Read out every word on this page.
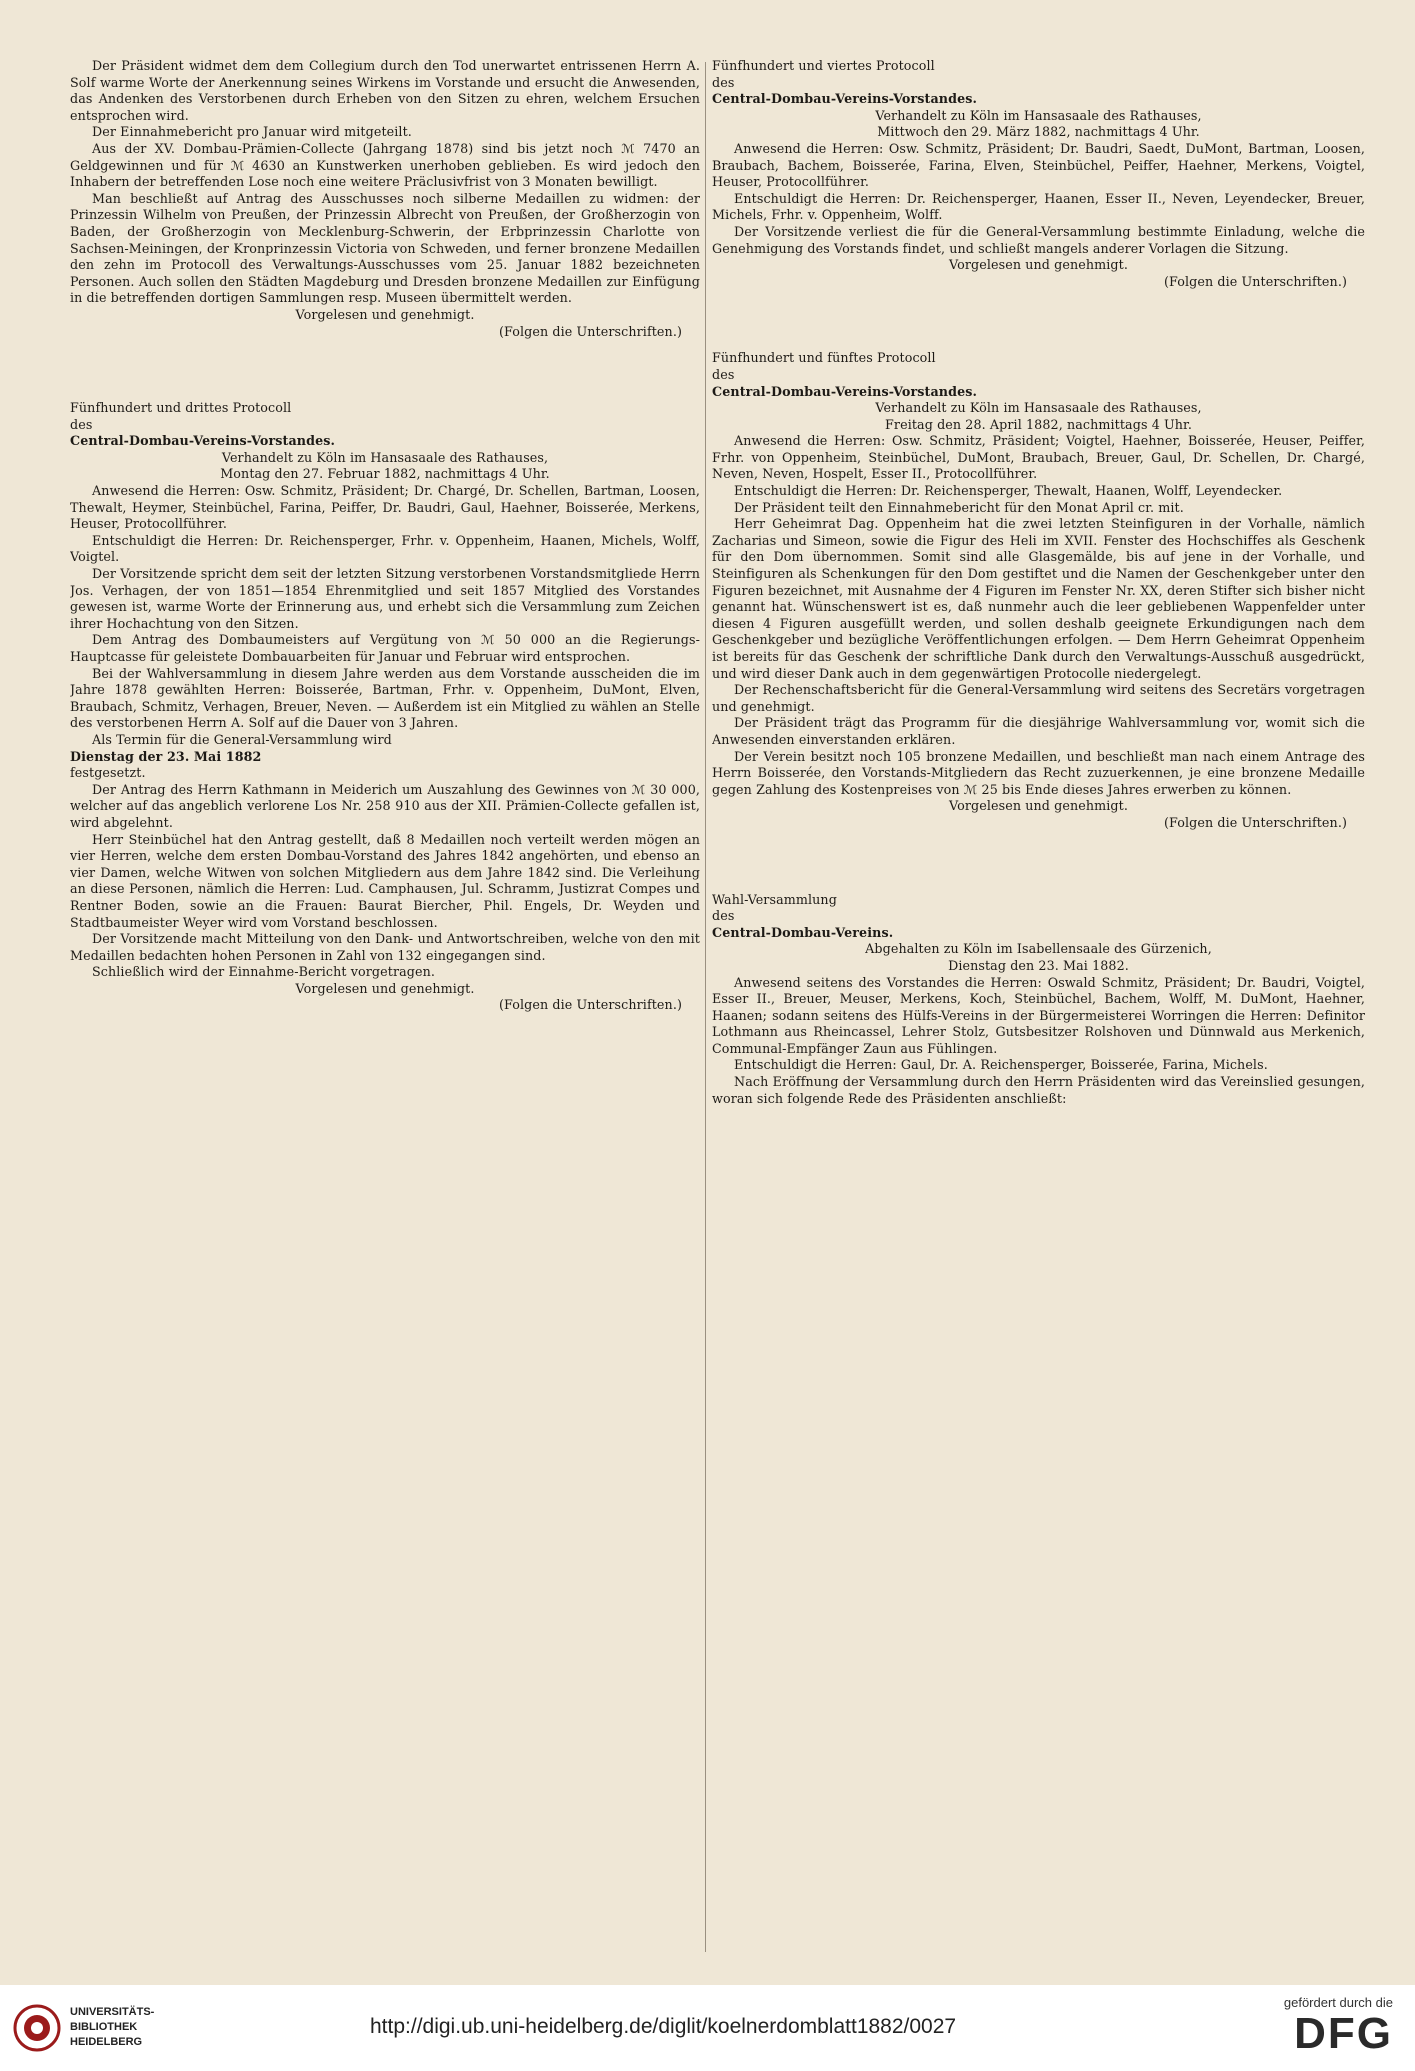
Der Präsident widmet dem dem Collegium durch den Tod unerwartet entrissenen Herrn A. Solf warme Worte der Anerkennung seines Wirkens im Vorstande und ersucht die Anwesenden, das Andenken des Verstorbenen durch Erheben von den Sitzen zu ehren, welchem Ersuchen entsprochen wird.

Der Einnahmebericht pro Januar wird mitgeteilt.

Aus der XV. Dombau-Prämien-Collecte (Jahrgang 1878) sind bis jetzt noch ℳ 7470 an Geldgewinnen und für ℳ 4630 an Kunstwerken unerhoben geblieben. Es wird jedoch den Inhabern der betreffenden Lose noch eine weitere Präclusivfrist von 3 Monaten bewilligt.

Man beschließt auf Antrag des Ausschusses noch silberne Medaillen zu widmen: der Prinzessin Wilhelm von Preußen, der Prinzessin Albrecht von Preußen, der Großherzogin von Baden, der Großherzogin von Mecklenburg-Schwerin, der Erbprinzessin Charlotte von Sachsen-Meiningen, der Kronprinzessin Victoria von Schweden, und ferner bronzene Medaillen den zehn im Protocoll des Verwaltungs-Ausschusses vom 25. Januar 1882 bezeichneten Personen. Auch sollen den Städten Magdeburg und Dresden bronzene Medaillen zur Einfügung in die betreffenden dortigen Sammlungen resp. Museen übermittelt werden.

Vorgelesen und genehmigt.

(Folgen die Unterschriften.)

Fünfhundert und drittes Protocoll

des

Central-Dombau-Vereins-Vorstandes.

Verhandelt zu Köln im Hansasaale des Rathauses,

Montag den 27. Februar 1882, nachmittags 4 Uhr.

Anwesend die Herren: Osw. Schmitz, Präsident; Dr. Chargé, Dr. Schellen, Bartman, Loosen, Thewalt, Heymer, Steinbüchel, Farina, Peiffer, Dr. Baudri, Gaul, Haehner, Boisserée, Merkens, Heuser, Protocollführer.

Entschuldigt die Herren: Dr. Reichensperger, Frhr. v. Oppenheim, Haanen, Michels, Wolff, Voigtel.

Der Vorsitzende spricht dem seit der letzten Sitzung verstorbenen Vorstandsmitgliede Herrn Jos. Verhagen, der von 1851—1854 Ehrenmitglied und seit 1857 Mitglied des Vorstandes gewesen ist, warme Worte der Erinnerung aus, und erhebt sich die Versammlung zum Zeichen ihrer Hochachtung von den Sitzen.

Dem Antrag des Dombaumeisters auf Vergütung von ℳ 50 000 an die Regierungs-Hauptcasse für geleistete Dombauarbeiten für Januar und Februar wird entsprochen.

Bei der Wahlversammlung in diesem Jahre werden aus dem Vorstande ausscheiden die im Jahre 1878 gewählten Herren: Boisserée, Bartman, Frhr. v. Oppenheim, DuMont, Elven, Braubach, Schmitz, Verhagen, Breuer, Neven. — Außerdem ist ein Mitglied zu wählen an Stelle des verstorbenen Herrn A. Solf auf die Dauer von 3 Jahren.

Als Termin für die General-Versammlung wird

Dienstag der 23. Mai 1882

festgesetzt.

Der Antrag des Herrn Kathmann in Meiderich um Auszahlung des Gewinnes von ℳ 30 000, welcher auf das angeblich verlorene Los Nr. 258 910 aus der XII. Prämien-Collecte gefallen ist, wird abgelehnt.

Herr Steinbüchel hat den Antrag gestellt, daß 8 Medaillen noch verteilt werden mögen an vier Herren, welche dem ersten Dombau-Vorstand des Jahres 1842 angehörten, und ebenso an vier Damen, welche Witwen von solchen Mitgliedern aus dem Jahre 1842 sind. Die Verleihung an diese Personen, nämlich die Herren: Lud. Camphausen, Jul. Schramm, Justizrat Compes und Rentner Boden, sowie an die Frauen: Baurat Biercher, Phil. Engels, Dr. Weyden und Stadtbaumeister Weyer wird vom Vorstand beschlossen.

Der Vorsitzende macht Mitteilung von den Dank- und Antwortschreiben, welche von den mit Medaillen bedachten hohen Personen in Zahl von 132 eingegangen sind.

Schließlich wird der Einnahme-Bericht vorgetragen.

Vorgelesen und genehmigt.

(Folgen die Unterschriften.)

Fünfhundert und viertes Protocoll

des

Central-Dombau-Vereins-Vorstandes.

Verhandelt zu Köln im Hansasaale des Rathauses,

Mittwoch den 29. März 1882, nachmittags 4 Uhr.

Anwesend die Herren: Osw. Schmitz, Präsident; Dr. Baudri, Saedt, DuMont, Bartman, Loosen, Braubach, Bachem, Boisserée, Farina, Elven, Steinbüchel, Peiffer, Haehner, Merkens, Voigtel, Heuser, Protocollführer.

Entschuldigt die Herren: Dr. Reichensperger, Haanen, Esser II., Neven, Leyendecker, Breuer, Michels, Frhr. v. Oppenheim, Wolff.

Der Vorsitzende verliest die für die General-Versammlung bestimmte Einladung, welche die Genehmigung des Vorstands findet, und schließt mangels anderer Vorlagen die Sitzung.

Vorgelesen und genehmigt.

(Folgen die Unterschriften.)

Fünfhundert und fünftes Protocoll

des

Central-Dombau-Vereins-Vorstandes.

Verhandelt zu Köln im Hansasaale des Rathauses,

Freitag den 28. April 1882, nachmittags 4 Uhr.

Anwesend die Herren: Osw. Schmitz, Präsident; Voigtel, Haehner, Boisserée, Heuser, Peiffer, Frhr. von Oppenheim, Steinbüchel, DuMont, Braubach, Breuer, Gaul, Dr. Schellen, Dr. Chargé, Neven, Neven, Hospelt, Esser II., Protocollführer.

Entschuldigt die Herren: Dr. Reichensperger, Thewalt, Haanen, Wolff, Leyendecker.

Der Präsident teilt den Einnahmebericht für den Monat April cr. mit.

Herr Geheimrat Dag. Oppenheim hat die zwei letzten Steinfiguren in der Vorhalle, nämlich Zacharias und Simeon, sowie die Figur des Heli im XVII. Fenster des Hochschiffes als Geschenk für den Dom übernommen. Somit sind alle Glasgemälde, bis auf jene in der Vorhalle, und Steinfiguren als Schenkungen für den Dom gestiftet und die Namen der Geschenkgeber unter den Figuren bezeichnet, mit Ausnahme der 4 Figuren im Fenster Nr. XX, deren Stifter sich bisher nicht genannt hat. Wünschenswert ist es, daß nunmehr auch die leer gebliebenen Wappenfelder unter diesen 4 Figuren ausgefüllt werden, und sollen deshalb geeignete Erkundigungen nach dem Geschenkgeber und bezügliche Veröffentlichungen erfolgen. — Dem Herrn Geheimrat Oppenheim ist bereits für das Geschenk der schriftliche Dank durch den Verwaltungs-Ausschuß ausgedrückt, und wird dieser Dank auch in dem gegenwärtigen Protocolle niedergelegt.

Der Rechenschaftsbericht für die General-Versammlung wird seitens des Secretärs vorgetragen und genehmigt.

Der Präsident trägt das Programm für die diesjährige Wahlversammlung vor, womit sich die Anwesenden einverstanden erklären.

Der Verein besitzt noch 105 bronzene Medaillen, und beschließt man nach einem Antrage des Herrn Boisserée, den Vorstands-Mitgliedern das Recht zuzuerkennen, je eine bronzene Medaille gegen Zahlung des Kostenpreises von ℳ 25 bis Ende dieses Jahres erwerben zu können.

Vorgelesen und genehmigt.

(Folgen die Unterschriften.)

Wahl-Versammlung

des

Central-Dombau-Vereins.

Abgehalten zu Köln im Isabellensaale des Gürzenich,

Dienstag den 23. Mai 1882.

Anwesend seitens des Vorstandes die Herren: Oswald Schmitz, Präsident; Dr. Baudri, Voigtel, Esser II., Breuer, Meuser, Merkens, Koch, Steinbüchel, Bachem, Wolff, M. DuMont, Haehner, Haanen; sodann seitens des Hülfs-Vereins in der Bürgermeisterei Worringen die Herren: Definitor Lothmann aus Rheincassel, Lehrer Stolz, Gutsbesitzer Rolshoven und Dünnwald aus Merkenich, Communal-Empfänger Zaun aus Fühlingen.

Entschuldigt die Herren: Gaul, Dr. A. Reichensperger, Boisserée, Farina, Michels.

Nach Eröffnung der Versammlung durch den Herrn Präsidenten wird das Vereinslied gesungen, woran sich folgende Rede des Präsidenten anschließt:

UNIVERSITÄTS-
BIBLIOTHEK
HEIDELBERG
http://digi.ub.uni-heidelberg.de/diglit/koelnerdomblatt1882/0027
gefördert durch die
DFG
